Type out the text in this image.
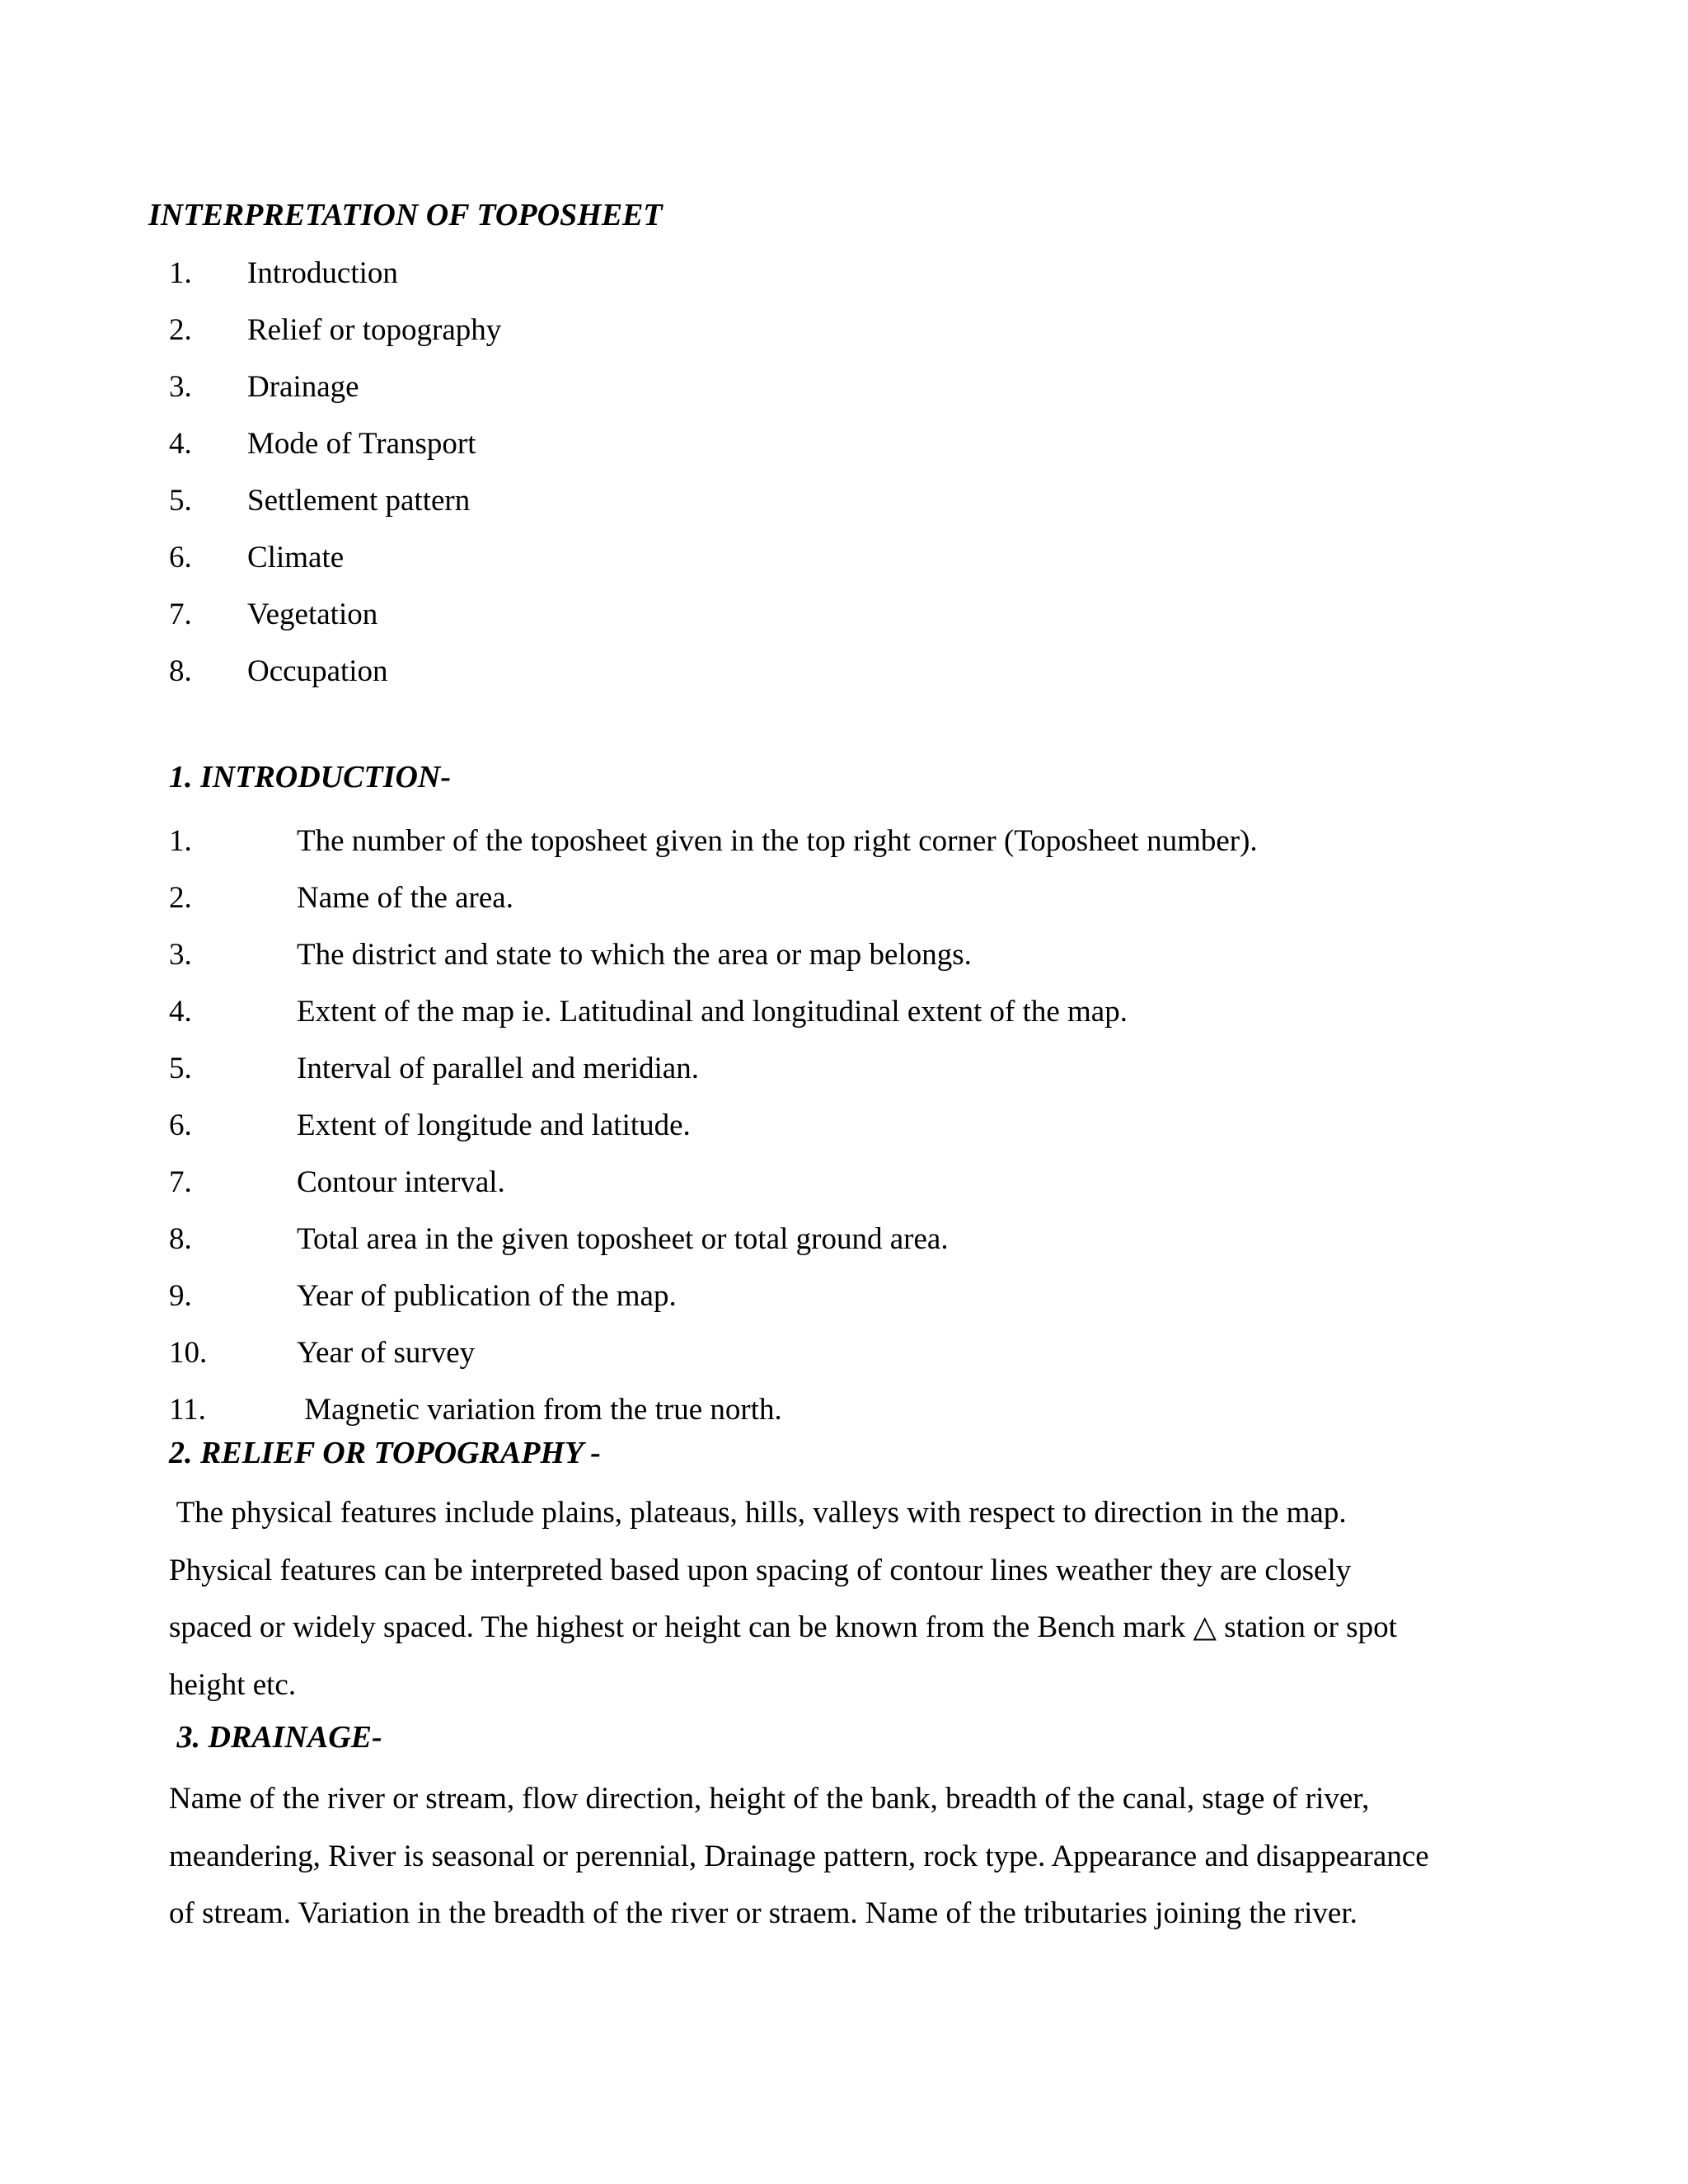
INTERPRETATION OF TOPOSHEET
1. Introduction
2. Relief or topography
3. Drainage
4. Mode of Transport
5. Settlement pattern
6. Climate
7. Vegetation
8. Occupation
1. INTRODUCTION-
1.	The number of the toposheet given in the top right corner (Toposheet number).
2.	Name of the area.
3.	The district and state to which the area or map belongs.
4.	Extent of the map ie. Latitudinal and longitudinal extent of the map.
5.	Interval of parallel and meridian.
6.	Extent of longitude and latitude.
7.	Contour interval.
8.	Total area in the given toposheet or total ground area.
9.	Year of publication of the map.
10.	Year of survey
11.	Magnetic variation from the true north.
2. RELIEF OR TOPOGRAPHY -

The physical features include plains, plateaus, hills, valleys with respect to direction in the map.
Physical features can be interpreted based upon spacing of contour lines weather they are closely
spaced or widely spaced. The highest or height can be known from the Bench mark △ station or spot
height etc.

3. DRAINAGE-

Name of the river or stream, flow direction, height of the bank, breadth of the canal, stage of river,
meandering, River is seasonal or perennial, Drainage pattern, rock type. Appearance and disappearance
of stream. Variation in the breadth of the river or straem. Name of the tributaries joining the river.
